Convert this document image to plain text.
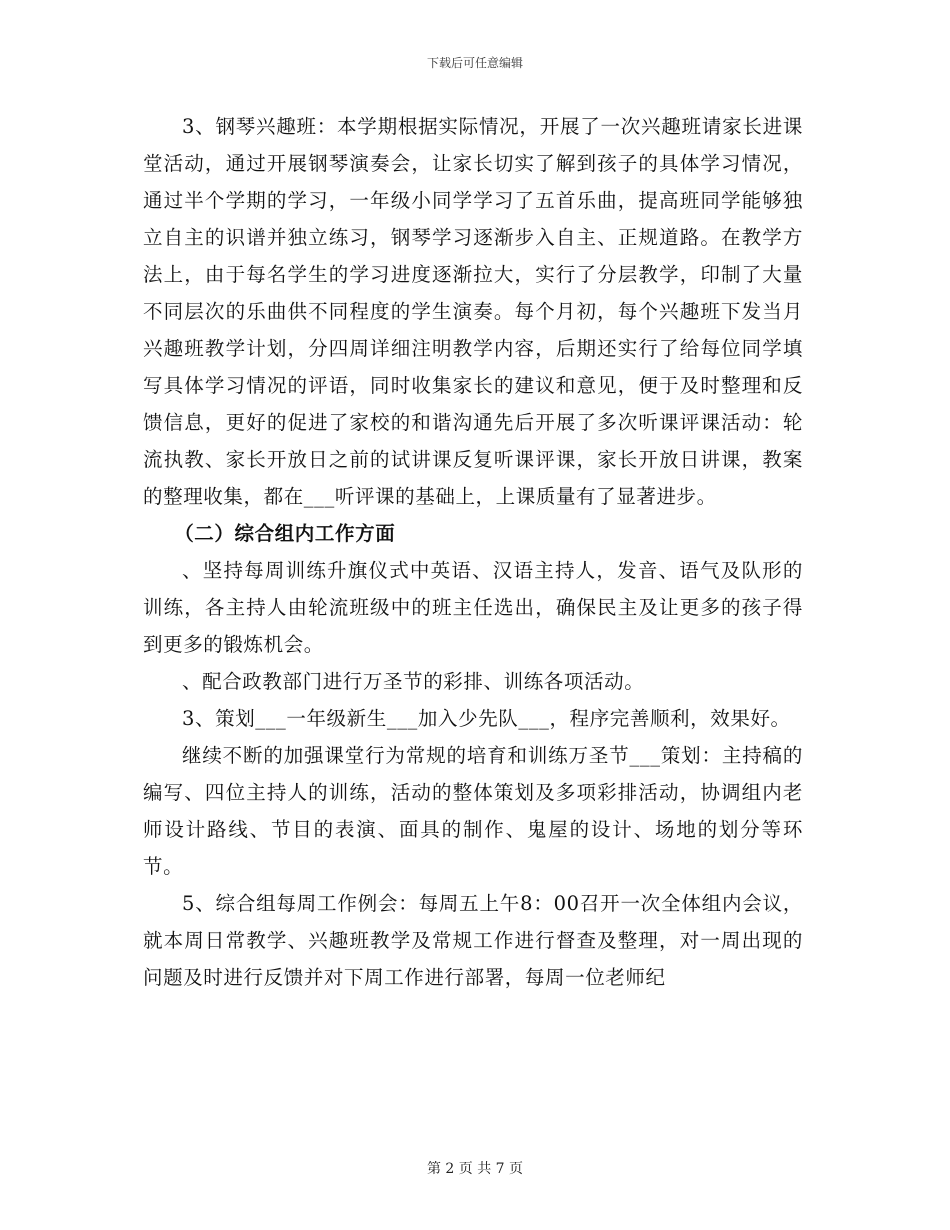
下载后可任意编辑

3、钢琴兴趣班：本学期根据实际情况，开展了一次兴趣班请家长进课堂活动，通过开展钢琴演奏会，让家长切实了解到孩子的具体学习情况，通过半个学期的学习，一年级小同学学习了五首乐曲，提高班同学能够独立自主的识谱并独立练习，钢琴学习逐渐步入自主、正规道路。在教学方法上，由于每名学生的学习进度逐渐拉大，实行了分层教学，印制了大量不同层次的乐曲供不同程度的学生演奏。每个月初，每个兴趣班下发当月兴趣班教学计划，分四周详细注明教学内容，后期还实行了给每位同学填写具体学习情况的评语，同时收集家长的建议和意见，便于及时整理和反馈信息，更好的促进了家校的和谐沟通先后开展了多次听课评课活动：轮流执教、家长开放日之前的试讲课反复听课评课，家长开放日讲课，教案的整理收集，都在___听评课的基础上，上课质量有了显著进步。

（二）综合组内工作方面

、坚持每周训练升旗仪式中英语、汉语主持人，发音、语气及队形的训练，各主持人由轮流班级中的班主任选出，确保民主及让更多的孩子得到更多的锻炼机会。

、配合政教部门进行万圣节的彩排、训练各项活动。

3、策划___一年级新生___加入少先队___，程序完善顺利，效果好。

继续不断的加强课堂行为常规的培育和训练万圣节___策划：主持稿的编写、四位主持人的训练，活动的整体策划及多项彩排活动，协调组内老师设计路线、节目的表演、面具的制作、鬼屋的设计、场地的划分等环节。

5、综合组每周工作例会：每周五上午8：00召开一次全体组内会议，就本周日常教学、兴趣班教学及常规工作进行督查及整理，对一周出现的问题及时进行反馈并对下周工作进行部署，每周一位老师纪

第 2 页 共 7 页
